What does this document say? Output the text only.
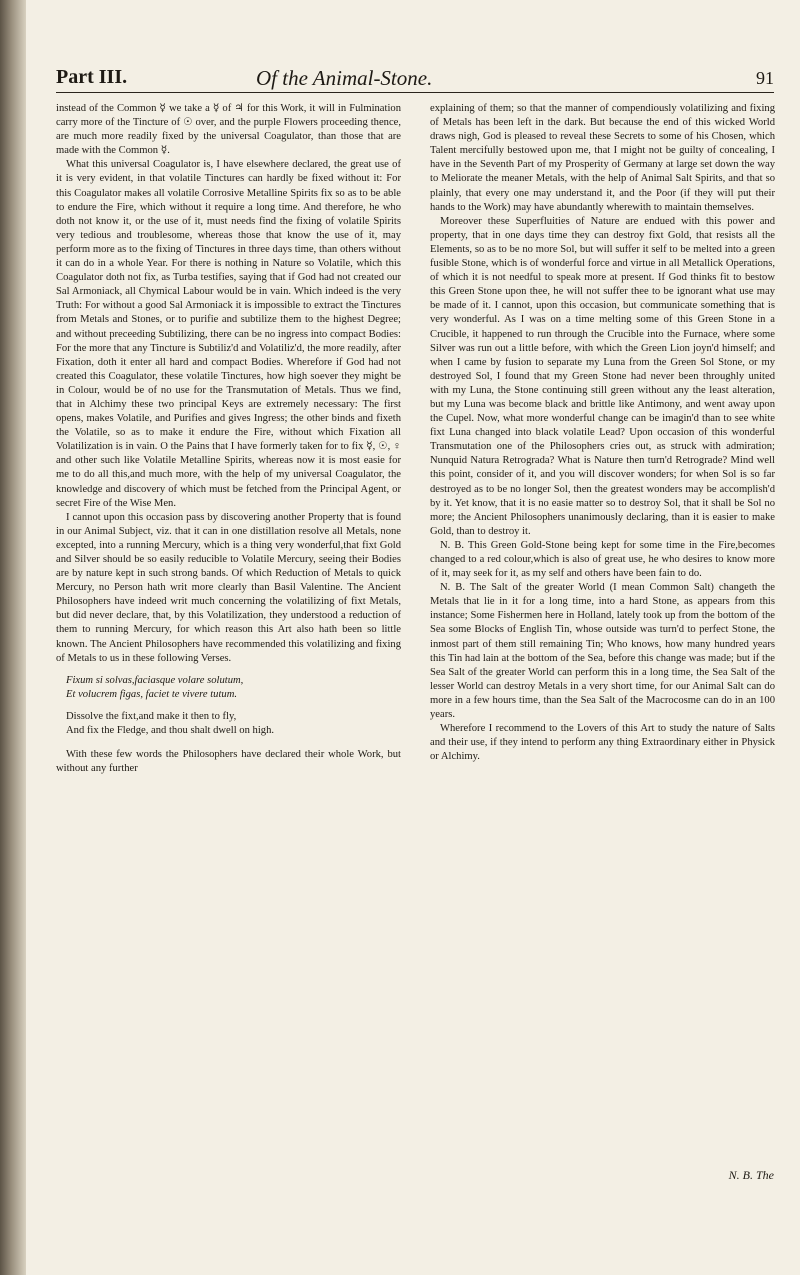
Part III.	Of the Animal-Stone.	91

instead of the Common ☿ we take a ☿ of ♃ for this Work, it will in Fulmination carry more of the Tincture of ☉ over, and the purple Flowers proceeding thence, are much more readily fixed by the universal Coagulator, than those that are made with the Common ☿.

What this universal Coagulator is, I have elsewhere declared, the great use of it is very evident, in that volatile Tinctures can hardly be fixed without it: For this Coagulator makes all volatile Corrosive Metalline Spirits fix so as to be able to endure the Fire, which without it require a long time. And therefore, he who doth not know it, or the use of it, must needs find the fixing of volatile Spirits very tedious and troublesome, whereas those that know the use of it, may perform more as to the fixing of Tinctures in three days time, than others without it can do in a whole Year. For there is nothing in Nature so Volatile, which this Coagulator doth not fix, as Turba testifies, saying that if God had not created our Sal Armoniack, all Chymical Labour would be in vain. Which indeed is the very Truth: For without a good Sal Armoniack it is impossible to extract the Tinctures from Metals and Stones, or to purifie and subtilize them to the highest Degree; and without preceeding Subtilizing, there can be no ingress into compact Bodies: For the more that any Tincture is Subtiliz'd and Volatiliz'd, the more readily, after Fixation, doth it enter all hard and compact Bodies. Wherefore if God had not created this Coagulator, these volatile Tinctures, how high soever they might be in Colour, would be of no use for the Transmutation of Metals. Thus we find, that in Alchimy these two principal Keys are extremely necessary: The first opens, makes Volatile, and Purifies and gives Ingress; the other binds and fixeth the Volatile, so as to make it endure the Fire, without which Fixation all Volatilization is in vain. O the Pains that I have formerly taken for to fix ☿, ☉, ♀ and other such like Volatile Metalline Spirits, whereas now it is most easie for me to do all this,and much more, with the help of my universal Coagulator, the knowledge and discovery of which must be fetched from the Principal Agent, or secret Fire of the Wise Men.

I cannot upon this occasion pass by discovering another Property that is found in our Animal Subject, viz. that it can in one distillation resolve all Metals, none excepted, into a running Mercury, which is a thing very wonderful,that fixt Gold and Silver should be so easily reducible to Volatile Mercury, seeing their Bodies are by nature kept in such strong bands. Of which Reduction of Metals to quick Mercury, no Person hath writ more clearly than Basil Valentine. The Ancient Philosophers have indeed writ much concerning the volatilizing of fixt Metals, but did never declare, that, by this Volatilization, they understood a reduction of them to running Mercury, for which reason this Art also hath been so little known. The Ancient Philosophers have recommended this volatilizing and fixing of Metals to us in these following Verses.

Fixum si solvas,faciasque volare solutum,
Et volucrem figas, faciet te vivere tutum.
Dissolve the fixt,and make it then to fly,
And fix the Fledge, and thou shalt dwell on high.

With these few words the Philosophers have declared their whole Work, but without any further

explaining of them; so that the manner of compendiously volatilizing and fixing of Metals has been left in the dark. But because the end of this wicked World draws nigh, God is pleased to reveal these Secrets to some of his Chosen, which Talent mercifully bestowed upon me, that I might not be guilty of concealing, I have in the Seventh Part of my Prosperity of Germany at large set down the way to Meliorate the meaner Metals, with the help of Animal Salt Spirits, and that so plainly, that every one may understand it, and the Poor (if they will put their hands to the Work) may have abundantly wherewith to maintain themselves.

Moreover these Superfluities of Nature are endued with this power and property, that in one days time they can destroy fixt Gold, that resists all the Elements, so as to be no more Sol, but will suffer it self to be melted into a green fusible Stone, which is of wonderful force and virtue in all Metallick Operations, of which it is not needful to speak more at present. If God thinks fit to bestow this Green Stone upon thee, he will not suffer thee to be ignorant what use may be made of it. I cannot, upon this occasion, but communicate something that is very wonderful. As I was on a time melting some of this Green Stone in a Crucible, it happened to run through the Crucible into the Furnace, where some Silver was run out a little before, with which the Green Lion joyn'd himself; and when I came by fusion to separate my Luna from the Green Sol Stone, or my destroyed Sol, I found that my Green Stone had never been throughly united with my Luna, the Stone continuing still green without any the least alteration, but my Luna was become black and brittle like Antimony, and went away upon the Cupel. Now, what more wonderful change can be imagin'd than to see white fixt Luna changed into black volatile Lead? Upon occasion of this wonderful Transmutation one of the Philosophers cries out, as struck with admiration; Nunquid Natura Retrograda? What is Nature then turn'd Retrograde? Mind well this point, consider of it, and you will discover wonders; for when Sol is so far destroyed as to be no longer Sol, then the greatest wonders may be accomplish'd by it. Yet know, that it is no easie matter so to destroy Sol, that it shall be Sol no more; the Ancient Philosophers unanimously declaring, than it is easier to make Gold, than to destroy it.

N. B. This Green Gold-Stone being kept for some time in the Fire,becomes changed to a red colour,which is also of great use, he who desires to know more of it, may seek for it, as my self and others have been fain to do.

N. B. The Salt of the greater World (I mean Common Salt) changeth the Metals that lie in it for a long time, into a hard Stone, as appears from this instance; Some Fishermen here in Holland, lately took up from the bottom of the Sea some Blocks of English Tin, whose outside was turn'd to perfect Stone, the inmost part of them still remaining Tin; Who knows, how many hundred years this Tin had lain at the bottom of the Sea, before this change was made; but if the Sea Salt of the greater World can perform this in a long time, the Sea Salt of the lesser World can destroy Metals in a very short time, for our Animal Salt can do more in a few hours time, than the Sea Salt of the Macrocosme can do in an 100 years.

Wherefore I recommend to the Lovers of this Art to study the nature of Salts and their use, if they intend to perform any thing Extraordinary either in Physick or Alchimy.

N. B. The
